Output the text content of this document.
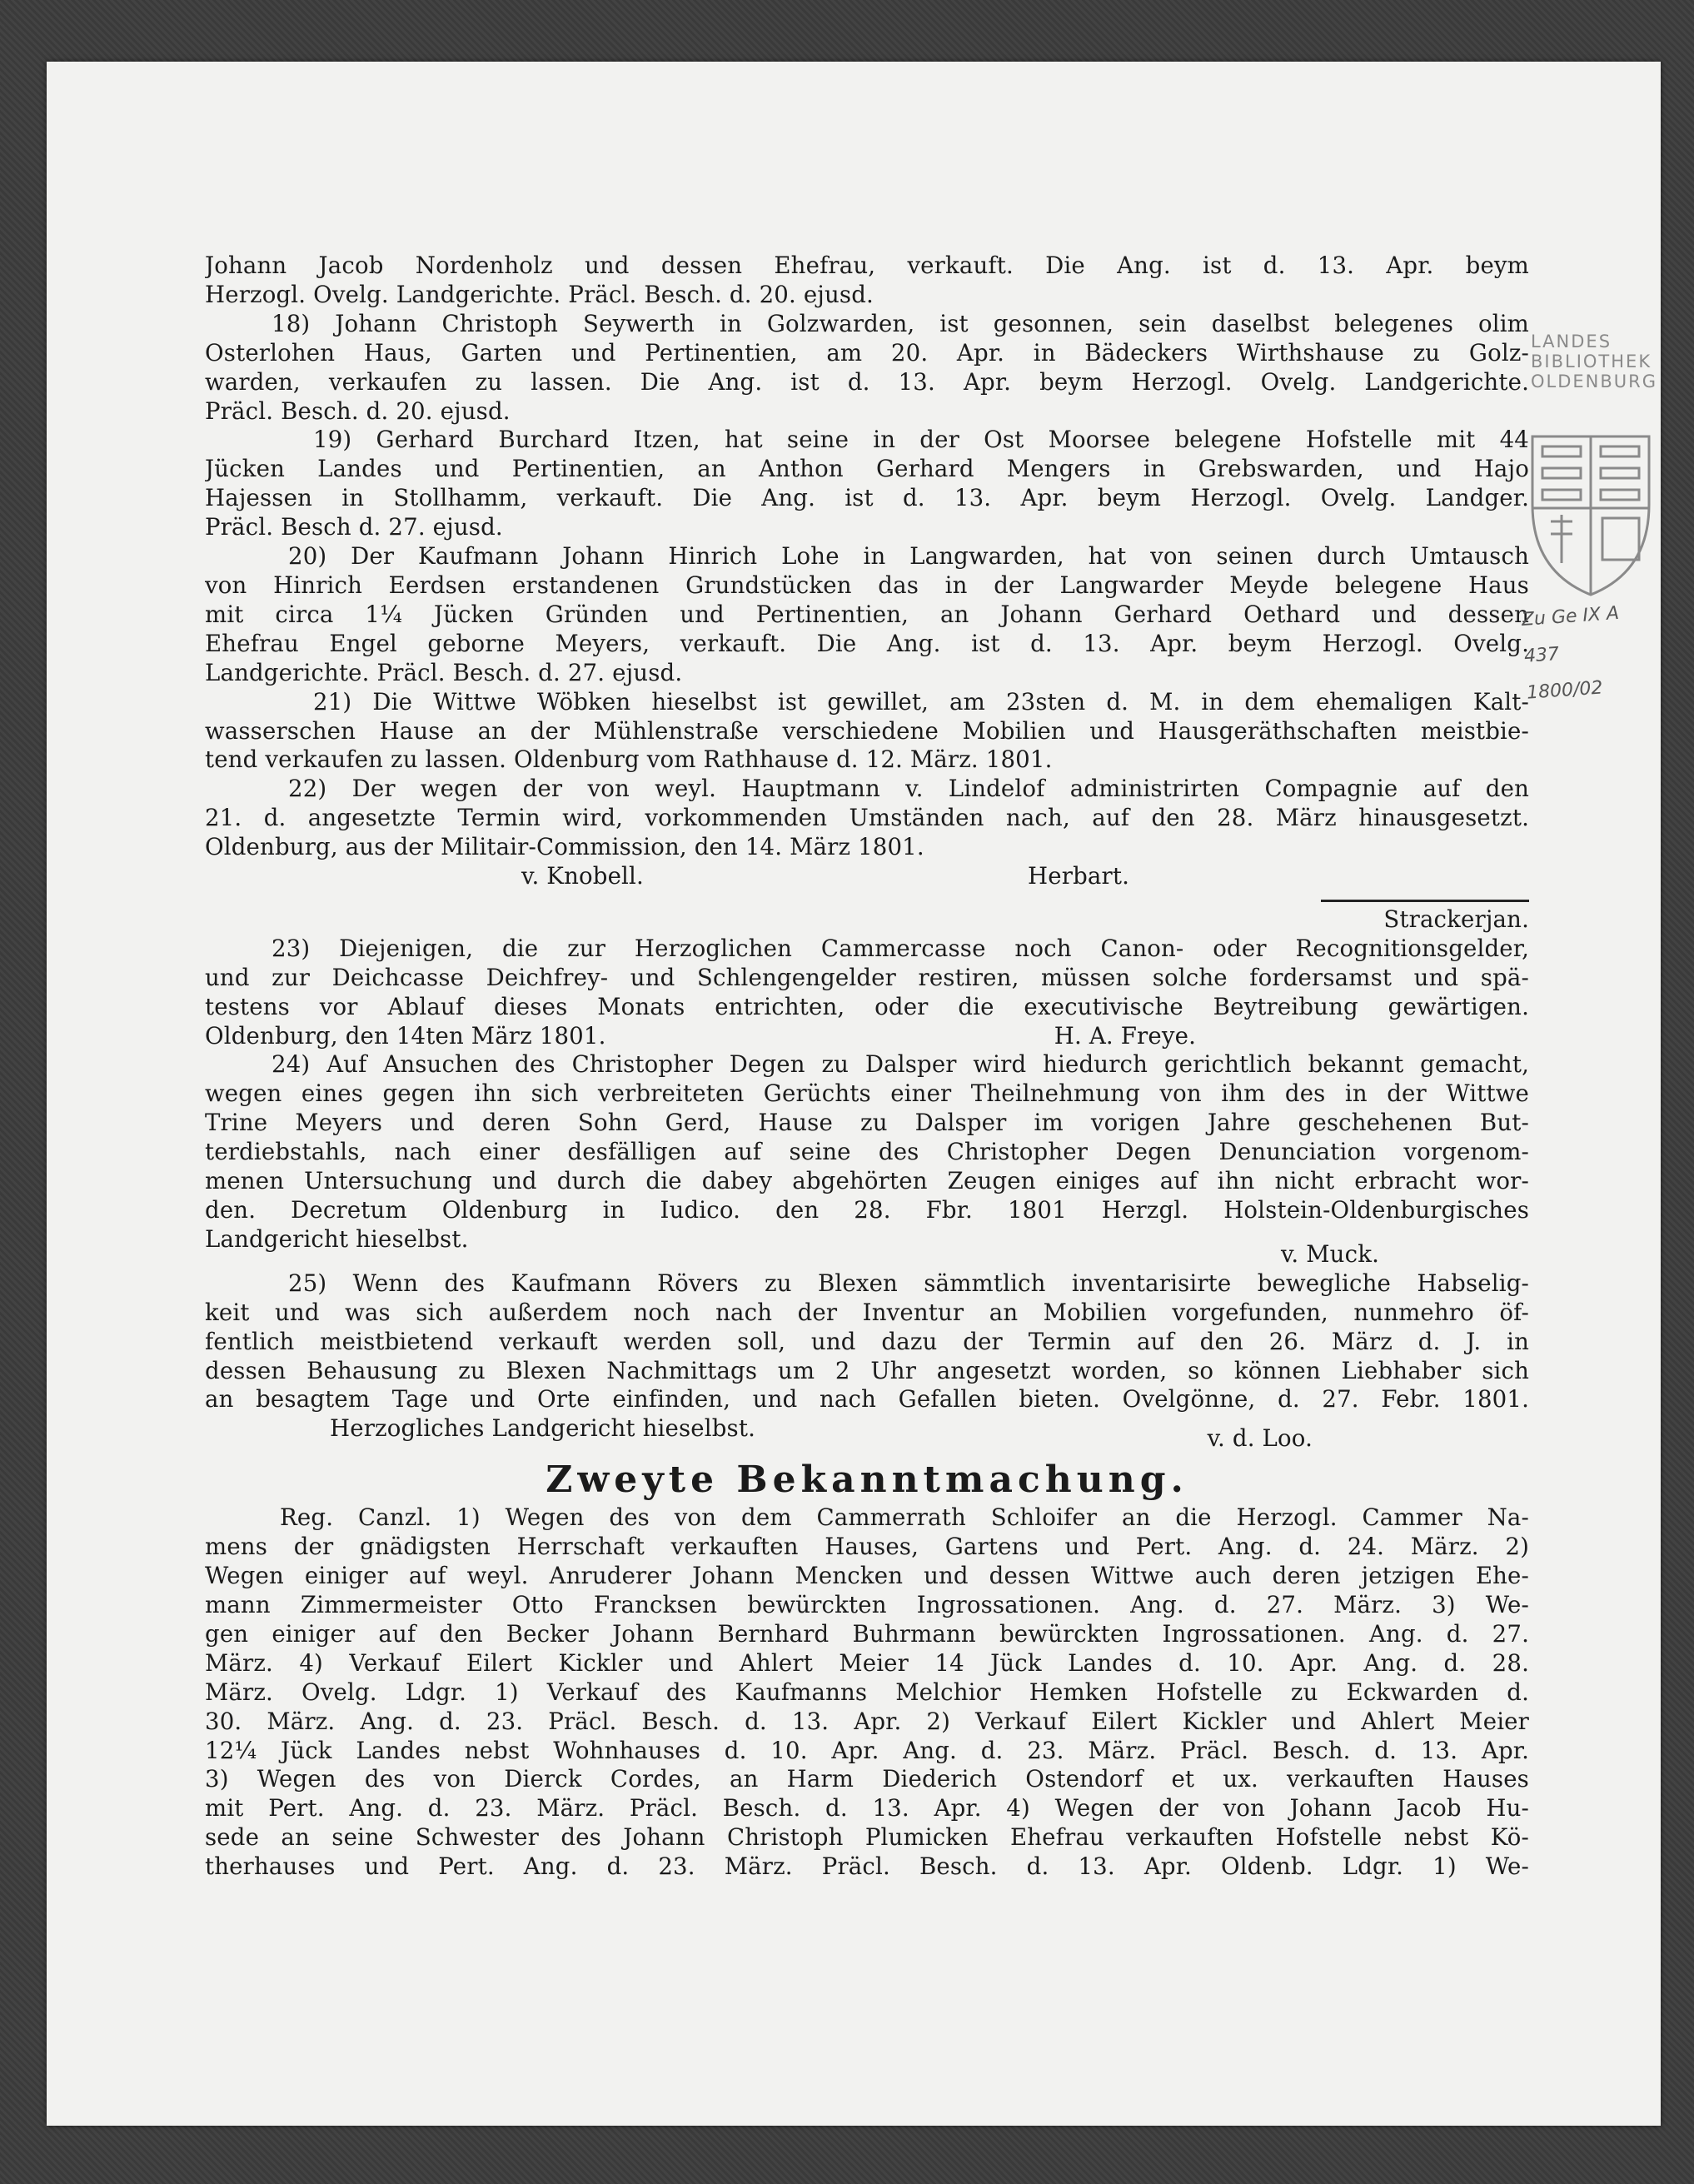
Johann Jacob Nordenholz und dessen Ehefrau, verkauft. Die Ang. ist d. 13. Apr. beym
Herzogl. Ovelg. Landgerichte. Präcl. Besch. d. 20. ejusd.

18) Johann Christoph Seywerth in Golzwarden, ist gesonnen, sein daselbst belegenes olim
Osterlohen Haus, Garten und Pertinentien, am 20. Apr. in Bädeckers Wirthshause zu Golz-
warden, verkaufen zu lassen. Die Ang. ist d. 13. Apr. beym Herzogl. Ovelg. Landgerichte.
Präcl. Besch. d. 20. ejusd.

19) Gerhard Burchard Itzen, hat seine in der Ost Moorsee belegene Hofstelle mit 44
Jücken Landes und Pertinentien, an Anthon Gerhard Mengers in Grebswarden, und Hajo
Hajessen in Stollhamm, verkauft. Die Ang. ist d. 13. Apr. beym Herzogl. Ovelg. Landger.
Präcl. Besch d. 27. ejusd.

20) Der Kaufmann Johann Hinrich Lohe in Langwarden, hat von seinen durch Umtausch
von Hinrich Eerdsen erstandenen Grundstücken das in der Langwarder Meyde belegene Haus
mit circa 1¼ Jücken Gründen und Pertinentien, an Johann Gerhard Oethard und dessen
Ehefrau Engel geborne Meyers, verkauft. Die Ang. ist d. 13. Apr. beym Herzogl. Ovelg.
Landgerichte. Präcl. Besch. d. 27. ejusd.

21) Die Wittwe Wöbken hieselbst ist gewillet, am 23sten d. M. in dem ehemaligen Kalt-
wasserschen Hause an der Mühlenstraße verschiedene Mobilien und Hausgeräthschaften meistbie-
tend verkaufen zu lassen. Oldenburg vom Rathhause d. 12. März. 1801.

22) Der wegen der von weyl. Hauptmann v. Lindelof administrirten Compagnie auf den
21. d. angesetzte Termin wird, vorkommenden Umständen nach, auf den 28. März hinausgesetzt.
Oldenburg, aus der Militair-Commission, den 14. März 1801.
v. Knobell.	Herbart.
Strackerjan.

23) Diejenigen, die zur Herzoglichen Cammercasse noch Canon- oder Recognitionsgelder,
und zur Deichcasse Deichfrey- und Schlengengelder restiren, müssen solche fordersamst und spä-
testens vor Ablauf dieses Monats entrichten, oder die executivische Beytreibung gewärtigen.
Oldenburg, den 14ten März 1801.	H. A. Freye.

24) Auf Ansuchen des Christopher Degen zu Dalsper wird hiedurch gerichtlich bekannt gemacht,
wegen eines gegen ihn sich verbreiteten Gerüchts einer Theilnehmung von ihm des in der Wittwe
Trine Meyers und deren Sohn Gerd, Hause zu Dalsper im vorigen Jahre geschehenen But-
terdiebstahls, nach einer desfälligen auf seine des Christopher Degen Denunciation vorgenom-
menen Untersuchung und durch die dabey abgehörten Zeugen einiges auf ihn nicht erbracht wor-
den. Decretum Oldenburg in Iudico. den 28. Fbr. 1801 Herzgl. Holstein-Oldenburgisches
Landgericht hieselbst.
v. Muck.

25) Wenn des Kaufmann Rövers zu Blexen sämmtlich inventarisirte bewegliche Habselig-
keit und was sich außerdem noch nach der Inventur an Mobilien vorgefunden, nunmehro öf-
fentlich meistbietend verkauft werden soll, und dazu der Termin auf den 26. März d. J. in
dessen Behausung zu Blexen Nachmittags um 2 Uhr angesetzt worden, so können Liebhaber sich
an besagtem Tage und Orte einfinden, und nach Gefallen bieten. Ovelgönne, d. 27. Febr. 1801.
Herzogliches Landgericht hieselbst.	v. d. Loo.

Zweyte Bekanntmachung.
Reg. Canzl. 1) Wegen des von dem Cammerrath Schloifer an die Herzogl. Cammer Na-
mens der gnädigsten Herrschaft verkauften Hauses, Gartens und Pert. Ang. d. 24. März. 2)
Wegen einiger auf weyl. Anruderer Johann Mencken und dessen Wittwe auch deren jetzigen Ehe-
mann Zimmermeister Otto Francksen bewürckten Ingrossationen. Ang. d. 27. März. 3) We-
gen einiger auf den Becker Johann Bernhard Buhrmann bewürckten Ingrossationen. Ang. d. 27.
März. 4) Verkauf Eilert Kickler und Ahlert Meier 14 Jück Landes d. 10. Apr. Ang. d. 28.
März. Ovelg. Ldgr. 1) Verkauf des Kaufmanns Melchior Hemken Hofstelle zu Eckwarden d.
30. März. Ang. d. 23. Präcl. Besch. d. 13. Apr. 2) Verkauf Eilert Kickler und Ahlert Meier
12¼ Jück Landes nebst Wohnhauses d. 10. Apr. Ang. d. 23. März. Präcl. Besch. d. 13. Apr.
3) Wegen des von Dierck Cordes, an Harm Diederich Ostendorf et ux. verkauften Hauses
mit Pert. Ang. d. 23. März. Präcl. Besch. d. 13. Apr. 4) Wegen der von Johann Jacob Hu-
sede an seine Schwester des Johann Christoph Plumicken Ehefrau verkauften Hofstelle nebst Kö-
therhauses und Pert. Ang. d. 23. März. Präcl. Besch. d. 13. Apr. Oldenb. Ldgr. 1) We-
LANDES
BIBLIOTHEK
OLDENBURG
Zu Ge IX A 437
1800/02
